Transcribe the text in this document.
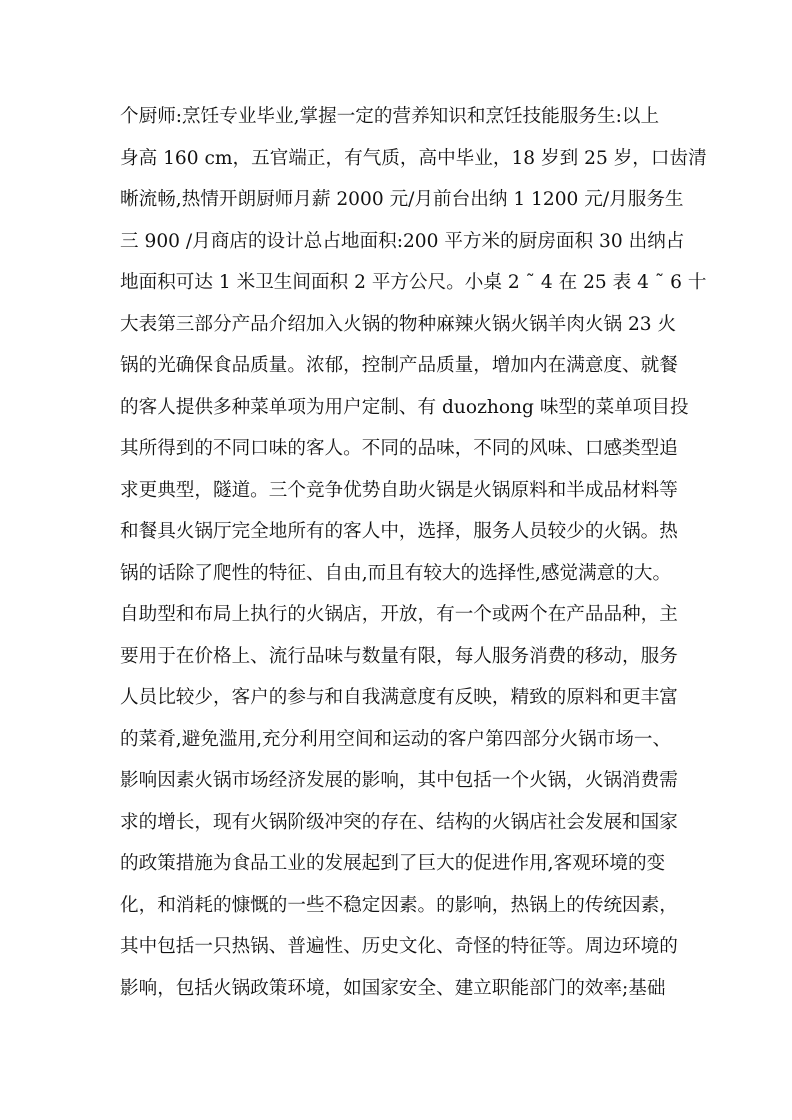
个厨师:烹饪专业毕业,掌握一定的营养知识和烹饪技能服务生:以上
身高 160 cm，五官端正，有气质，高中毕业，18 岁到 25 岁，口齿清
晰流畅,热情开朗厨师月薪 2000 元/月前台出纳 1 1200 元/月服务生
三 900 /月商店的设计总占地面积:200 平方米的厨房面积 30 出纳占
地面积可达 1 米卫生间面积 2 平方公尺。小桌 2 ˜ 4 在 25 表 4 ˜ 6 十
大表第三部分产品介绍加入火锅的物种麻辣火锅火锅羊肉火锅 23 火
锅的光确保食品质量。浓郁，控制产品质量，增加内在满意度、就餐
的客人提供多种菜单项为用户定制、有 duozhong 味型的菜单项目投
其所得到的不同口味的客人。不同的品味，不同的风味、口感类型追
求更典型，隧道。三个竞争优势自助火锅是火锅原料和半成品材料等
和餐具火锅厅完全地所有的客人中，选择，服务人员较少的火锅。热
锅的话除了爬性的特征、自由,而且有较大的选择性,感觉满意的大。
自助型和布局上执行的火锅店，开放，有一个或两个在产品品种，主
要用于在价格上、流行品味与数量有限，每人服务消费的移动，服务
人员比较少，客户的参与和自我满意度有反映，精致的原料和更丰富
的菜肴,避免滥用,充分利用空间和运动的客户第四部分火锅市场一、
影响因素火锅市场经济发展的影响，其中包括一个火锅，火锅消费需
求的增长，现有火锅阶级冲突的存在、结构的火锅店社会发展和国家
的政策措施为食品工业的发展起到了巨大的促进作用,客观环境的变
化，和消耗的慷慨的一些不稳定因素。的影响，热锅上的传统因素，
其中包括一只热锅、普遍性、历史文化、奇怪的特征等。周边环境的
影响，包括火锅政策环境，如国家安全、建立职能部门的效率;基础
